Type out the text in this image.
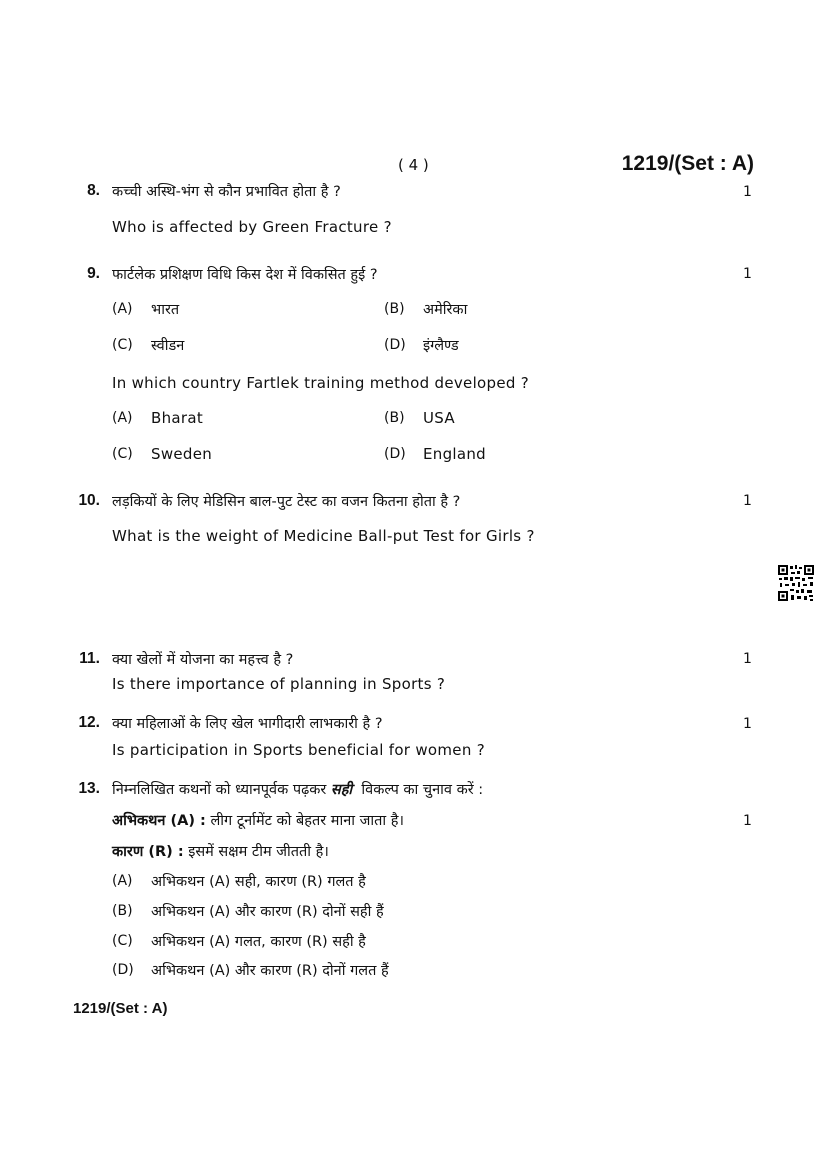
( 4 )	1219/(Set : A)
8. कच्ची अस्थि-भंग से कौन प्रभावित होता है ?	1
Who is affected by Green Fracture ?
9. फार्टलेक प्रशिक्षण विधि किस देश में विकसित हुई ?	1
(A) भारत	(B) अमेरिका
(C) स्वीडन	(D) इंग्लैण्ड
In which country Fartlek training method developed ?
(A) Bharat	(B) USA
(C) Sweden	(D) England
10. लड़कियों के लिए मेडिसिन बाल-पुट टेस्ट का वजन कितना होता है ?	1
What is the weight of Medicine Ball-put Test for Girls ?
11. क्या खेलों में योजना का महत्त्व है ?	1
Is there importance of planning in Sports ?
12. क्या महिलाओं के लिए खेल भागीदारी लाभकारी है ?	1
Is participation in Sports beneficial for women ?
13. निम्नलिखित कथनों को ध्यानपूर्वक पढ़कर सही विकल्प का चुनाव करें :
अभिकथन (A) : लीग टूर्नामेंट को बेहतर माना जाता है।	1
कारण (R) : इसमें सक्षम टीम जीतती है।
(A) अभिकथन (A) सही, कारण (R) गलत है
(B) अभिकथन (A) और कारण (R) दोनों सही हैं
(C) अभिकथन (A) गलत, कारण (R) सही है
(D) अभिकथन (A) और कारण (R) दोनों गलत हैं
1219/(Set : A)
